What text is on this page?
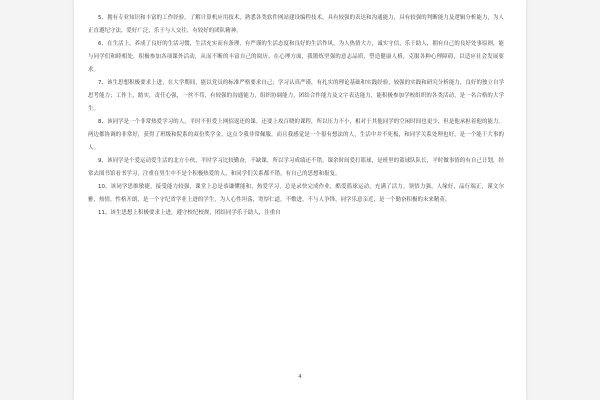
5、拥有专业知识和丰富的工作经验，了解计算机应用技术，熟悉各类软件网站建设编程技术，具有较强的表达和沟通能力，具有较强的判断能力及逻辑分析能力，为人正直遵纪守法，爱好广泛，乐于与人交往，有较好的团队精神。

6、在生活上，养成了良好的生活习惯，生活充实而有条理，有严谨的生活态度和良好的生活作风，为人热情大方，诚实守信，乐于助人，拥有自己的良好处事原则，能与同学们和睦相处，积极参加各项课外活动，从而不断的丰富自己的阅历。在心理方面，我锻炼坚强的意志品质，塑造健康人格，克服各种心理障碍，以适应社会发展要求。

7、该生思想积极要求上进，在大学期间，能以党员的标准严格要求自己；学习认真严谨，有扎实的理论基础和实践经验，较强的实践和研究分析能力，良好的独立自学思考能力；工作上，踏实，责任心强，一丝不苟，有较强的沟通能力，组织协调能力，团结合作能力及文字表达能力，能积极参加学校组织的各类活动，是一名合格的大学生。

8、该同学是一个非常热爱学习的人，平时不但爱上网招返还的课。还要上攻百晓的课程，所以压力不小，相对于其他同学的空闲时间也更少，但是他承担着他的能力。两边都协调的非常好，获得了班级和院系的双份奖学金，这点令我非常佩服。而且我感觉是一个很有想法的人，生活中并不死板，和同学关系处理也好，是一个能干大事的人。

9、该同学是个爱运动爱生活的北方小伙，平时学习比较勤奋，不缺课，所以学习成绩还不错，课余时间爱打篮球，是班里的篮球队队长，平时做事情的有自己计划，经常去图书馆看书学习，注重在男生中不是个积极热爱的人，和同学们关系都不错，有自己的思想和报复。

10、该同学思维敏捷，接受能力较强，课堂上总是恭谦懂能和，热爱学习，总是录快完成作业，酷爱篮球运动，充满了活力。领悟力强，人缘好，品行端正，谨文尔雅，热情，性格开朗，是一个守纪省学业上进的学生，为人心性坦荡，宽厚仁道，不敷进，不与人争锋，同学乐意亲近，是一个勤奋积极的未来精英。

11、该生思想上积极要求上进，遵守校纪校规，团结同学乐于助人，注重自

4
